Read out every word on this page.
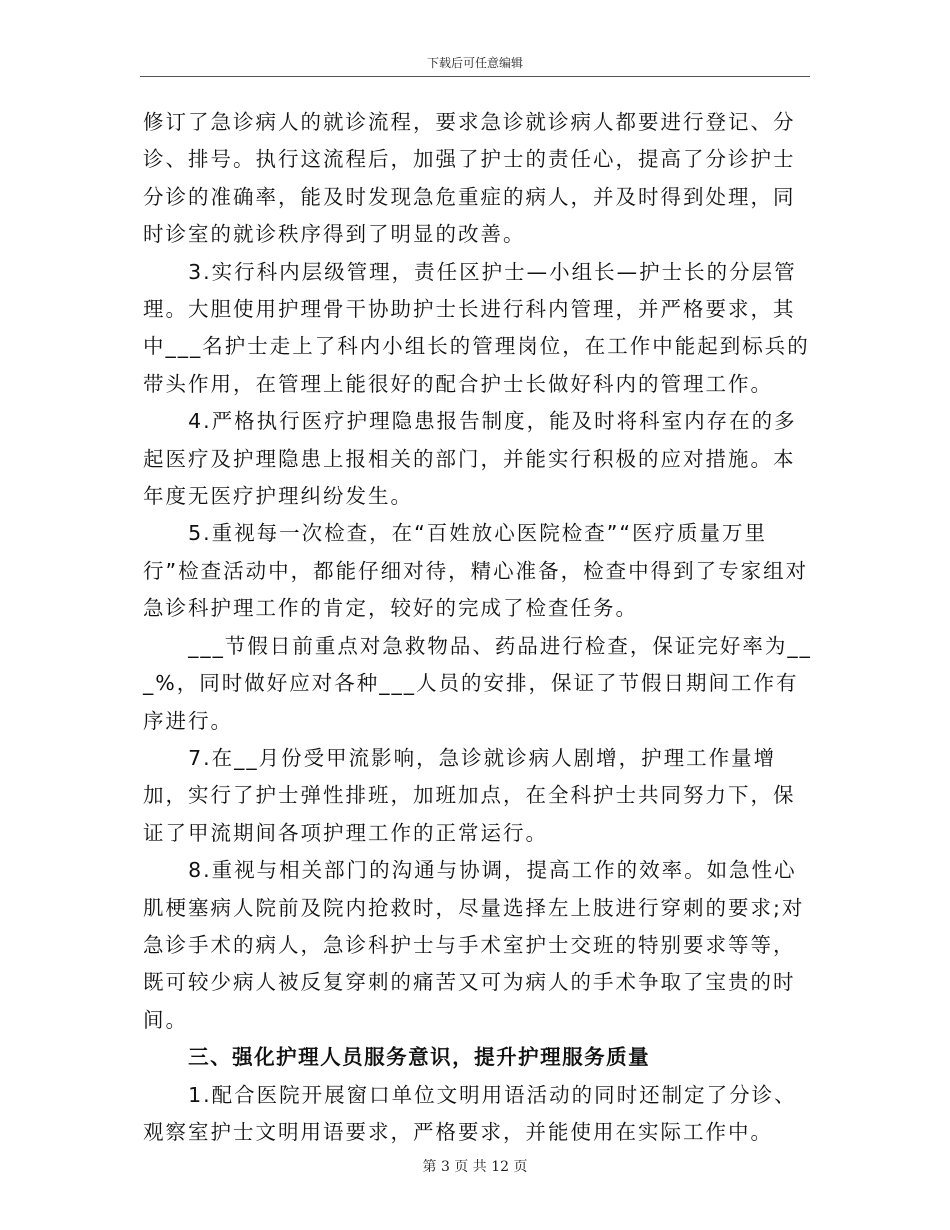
下载后可任意编辑

修订了急诊病人的就诊流程，要求急诊就诊病人都要进行登记、分诊、排号。执行这流程后，加强了护士的责任心，提高了分诊护士分诊的准确率，能及时发现急危重症的病人，并及时得到处理，同时诊室的就诊秩序得到了明显的改善。

3.实行科内层级管理，责任区护士—小组长—护士长的分层管理。大胆使用护理骨干协助护士长进行科内管理，并严格要求，其中___名护士走上了科内小组长的管理岗位，在工作中能起到标兵的带头作用，在管理上能很好的配合护士长做好科内的管理工作。

4.严格执行医疗护理隐患报告制度，能及时将科室内存在的多起医疗及护理隐患上报相关的部门，并能实行积极的应对措施。本年度无医疗护理纠纷发生。

5.重视每一次检查，在“百姓放心医院检查”“医疗质量万里行”检查活动中，都能仔细对待，精心准备，检查中得到了专家组对急诊科护理工作的肯定，较好的完成了检查任务。

___节假日前重点对急救物品、药品进行检查，保证完好率为___%，同时做好应对各种___人员的安排，保证了节假日期间工作有序进行。

7.在__月份受甲流影响，急诊就诊病人剧增，护理工作量增加，实行了护士弹性排班，加班加点，在全科护士共同努力下，保证了甲流期间各项护理工作的正常运行。

8.重视与相关部门的沟通与协调，提高工作的效率。如急性心肌梗塞病人院前及院内抢救时，尽量选择左上肢进行穿刺的要求;对急诊手术的病人，急诊科护士与手术室护士交班的特别要求等等，既可较少病人被反复穿刺的痛苦又可为病人的手术争取了宝贵的时间。

三、强化护理人员服务意识，提升护理服务质量

1.配合医院开展窗口单位文明用语活动的同时还制定了分诊、观察室护士文明用语要求，严格要求，并能使用在实际工作中。

第 3 页 共 12 页
